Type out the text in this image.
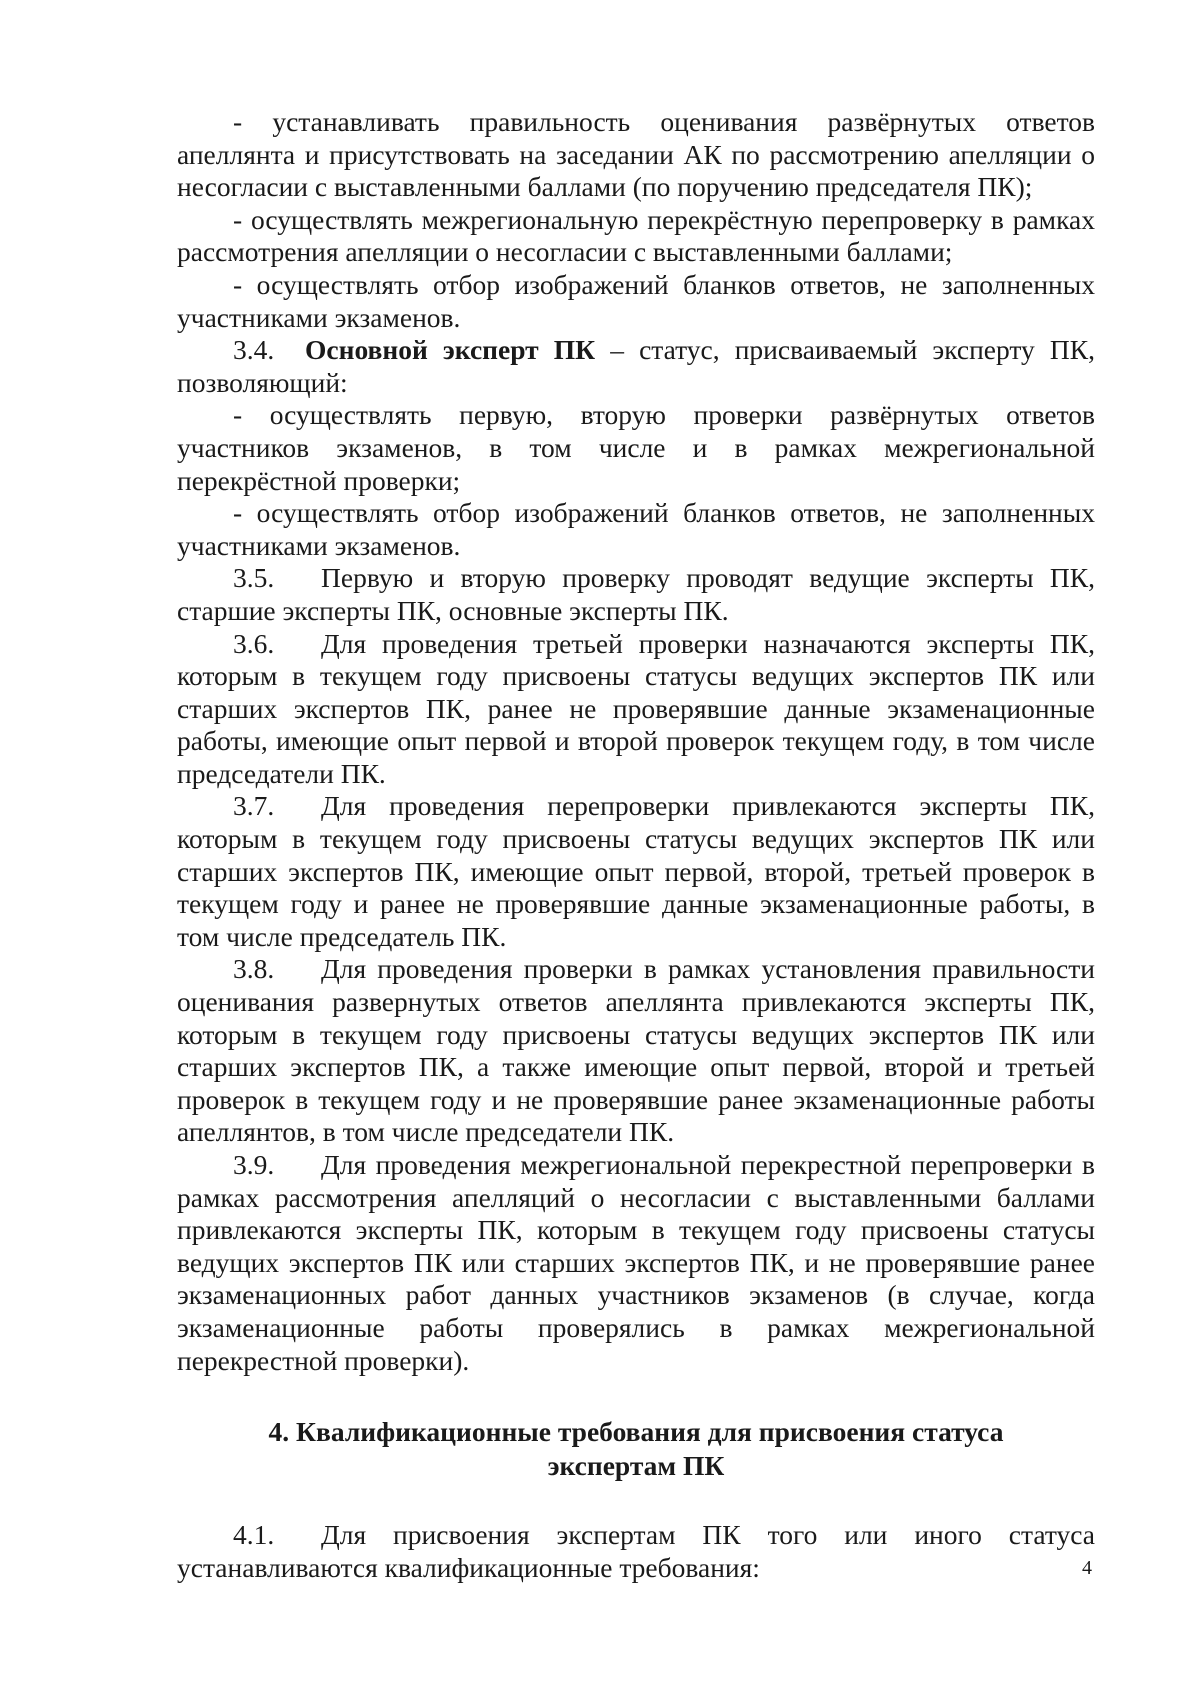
- устанавливать правильность оценивания развёрнутых ответов апеллянта и присутствовать на заседании АК по рассмотрению апелляции о несогласии с выставленными баллами (по поручению председателя ПК);

- осуществлять межрегиональную перекрёстную перепроверку в рамках рассмотрения апелляции о несогласии с выставленными баллами;

- осуществлять отбор изображений бланков ответов, не заполненных участниками экзаменов.

3.4. Основной эксперт ПК – статус, присваиваемый эксперту ПК, позволяющий:

- осуществлять первую, вторую проверки развёрнутых ответов участников экзаменов, в том числе и в рамках межрегиональной перекрёстной проверки;

- осуществлять отбор изображений бланков ответов, не заполненных участниками экзаменов.

3.5. Первую и вторую проверку проводят ведущие эксперты ПК, старшие эксперты ПК, основные эксперты ПК.

3.6. Для проведения третьей проверки назначаются эксперты ПК, которым в текущем году присвоены статусы ведущих экспертов ПК или старших экспертов ПК, ранее не проверявшие данные экзаменационные работы, имеющие опыт первой и второй проверок текущем году, в том числе председатели ПК.

3.7. Для проведения перепроверки привлекаются эксперты ПК, которым в текущем году присвоены статусы ведущих экспертов ПК или старших экспертов ПК, имеющие опыт первой, второй, третьей проверок в текущем году и ранее не проверявшие данные экзаменационные работы, в том числе председатель ПК.

3.8. Для проведения проверки в рамках установления правильности оценивания развернутых ответов апеллянта привлекаются эксперты ПК, которым в текущем году присвоены статусы ведущих экспертов ПК или старших экспертов ПК, а также имеющие опыт первой, второй и третьей проверок в текущем году и не проверявшие ранее экзаменационные работы апеллянтов, в том числе председатели ПК.

3.9. Для проведения межрегиональной перекрестной перепроверки в рамках рассмотрения апелляций о несогласии с выставленными баллами привлекаются эксперты ПК, которым в текущем году присвоены статусы ведущих экспертов ПК или старших экспертов ПК, и не проверявшие ранее экзаменационных работ данных участников экзаменов (в случае, когда экзаменационные работы проверялись в рамках межрегиональной перекрестной проверки).

4. Квалификационные требования для присвоения статуса
экспертам ПК

4.1. Для присвоения экспертам ПК того или иного статуса устанавливаются квалификационные требования:	4
